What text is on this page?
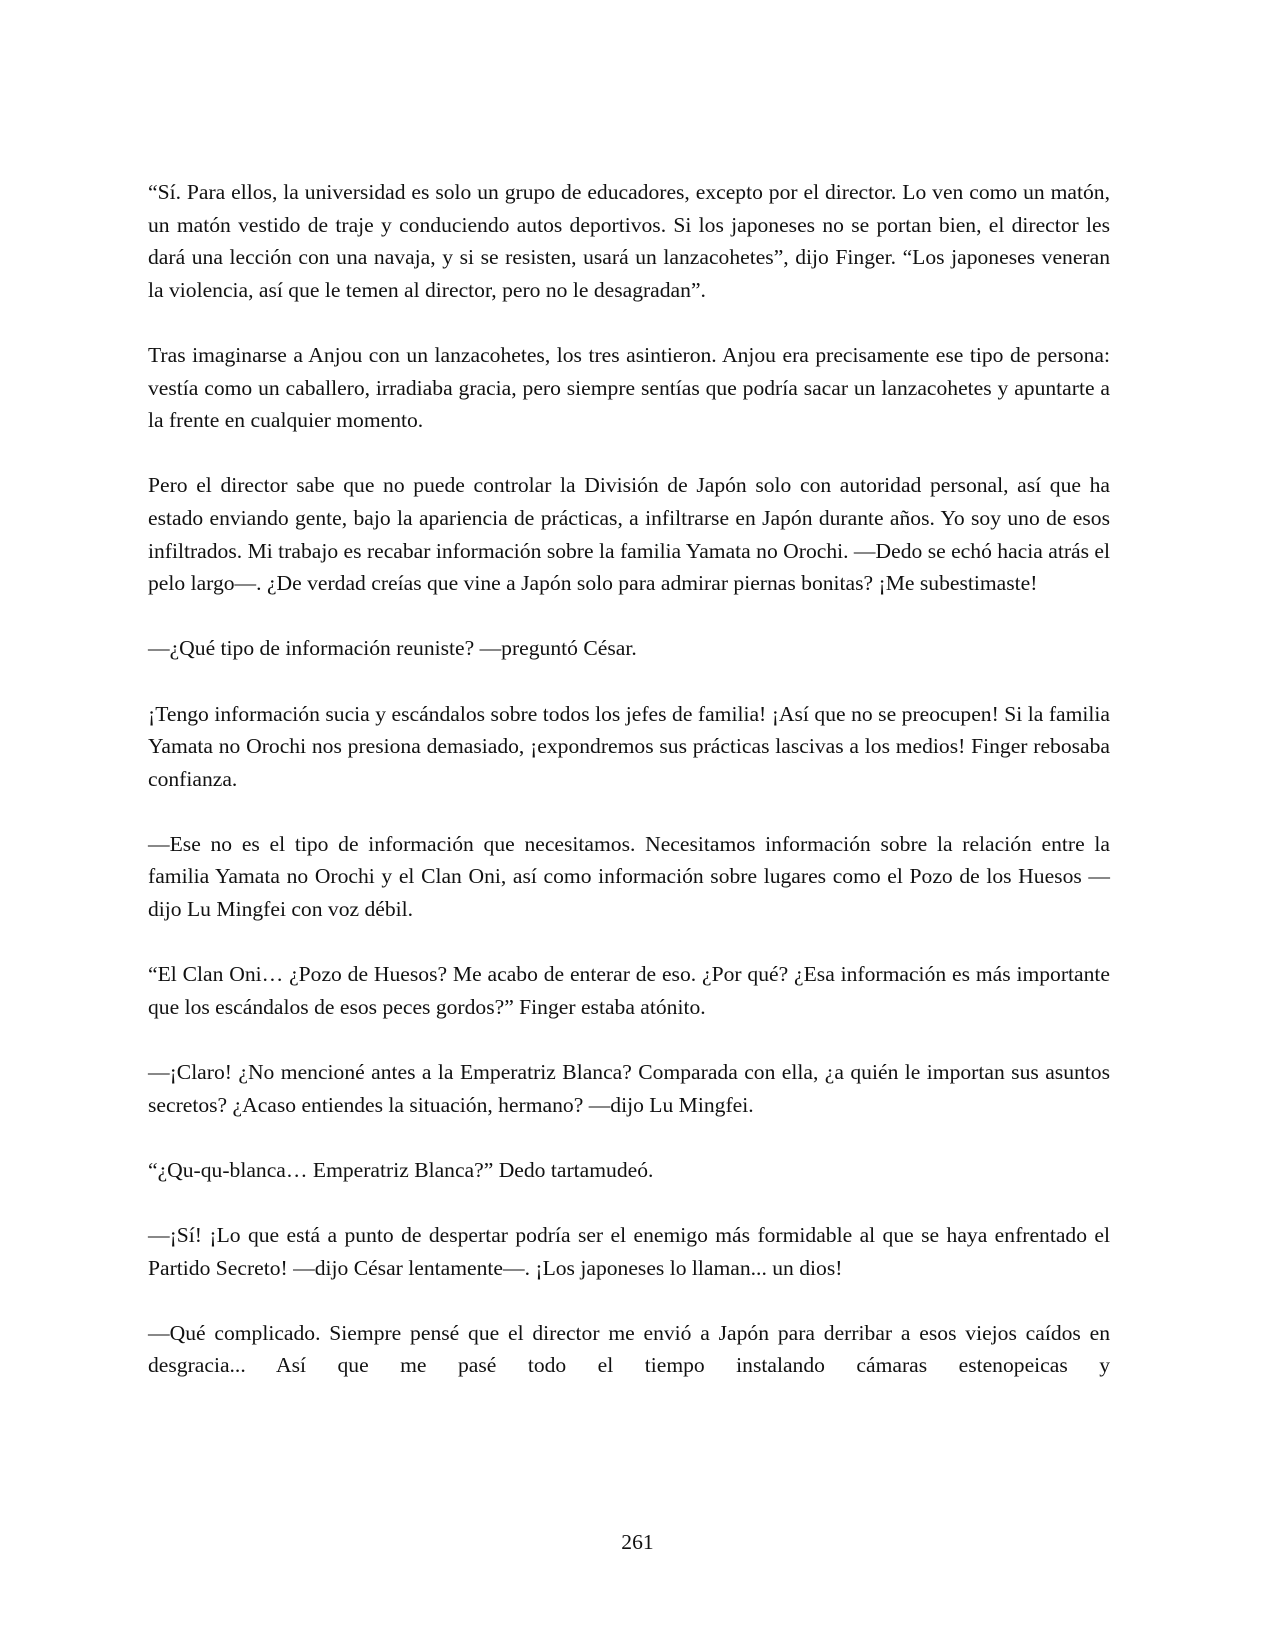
“Sí. Para ellos, la universidad es solo un grupo de educadores, excepto por el director. Lo ven como un matón, un matón vestido de traje y conduciendo autos deportivos. Si los japoneses no se portan bien, el director les dará una lección con una navaja, y si se resisten, usará un lanzacohetes”, dijo Finger. “Los japoneses veneran la violencia, así que le temen al director, pero no le desagradan”.

Tras imaginarse a Anjou con un lanzacohetes, los tres asintieron. Anjou era precisamente ese tipo de persona: vestía como un caballero, irradiaba gracia, pero siempre sentías que podría sacar un lanzacohetes y apuntarte a la frente en cualquier momento.

Pero el director sabe que no puede controlar la División de Japón solo con autoridad personal, así que ha estado enviando gente, bajo la apariencia de prácticas, a infiltrarse en Japón durante años. Yo soy uno de esos infiltrados. Mi trabajo es recabar información sobre la familia Yamata no Orochi. —Dedo se echó hacia atrás el pelo largo—. ¿De verdad creías que vine a Japón solo para admirar piernas bonitas? ¡Me subestimaste!

—¿Qué tipo de información reuniste? —preguntó César.

¡Tengo información sucia y escándalos sobre todos los jefes de familia! ¡Así que no se preocupen! Si la familia Yamata no Orochi nos presiona demasiado, ¡expondremos sus prácticas lascivas a los medios! Finger rebosaba confianza.

—Ese no es el tipo de información que necesitamos. Necesitamos información sobre la relación entre la familia Yamata no Orochi y el Clan Oni, así como información sobre lugares como el Pozo de los Huesos —dijo Lu Mingfei con voz débil.

“El Clan Oni… ¿Pozo de Huesos? Me acabo de enterar de eso. ¿Por qué? ¿Esa información es más importante que los escándalos de esos peces gordos?” Finger estaba atónito.

—¡Claro! ¿No mencioné antes a la Emperatriz Blanca? Comparada con ella, ¿a quién le importan sus asuntos secretos? ¿Acaso entiendes la situación, hermano? —dijo Lu Mingfei.

“¿Qu-qu-blanca… Emperatriz Blanca?” Dedo tartamudeó.

—¡Sí! ¡Lo que está a punto de despertar podría ser el enemigo más formidable al que se haya enfrentado el Partido Secreto! —dijo César lentamente—. ¡Los japoneses lo llaman... un dios!

—Qué complicado. Siempre pensé que el director me envió a Japón para derribar a esos viejos caídos en desgracia... Así que me pasé todo el tiempo instalando cámaras estenopeicas y

261
